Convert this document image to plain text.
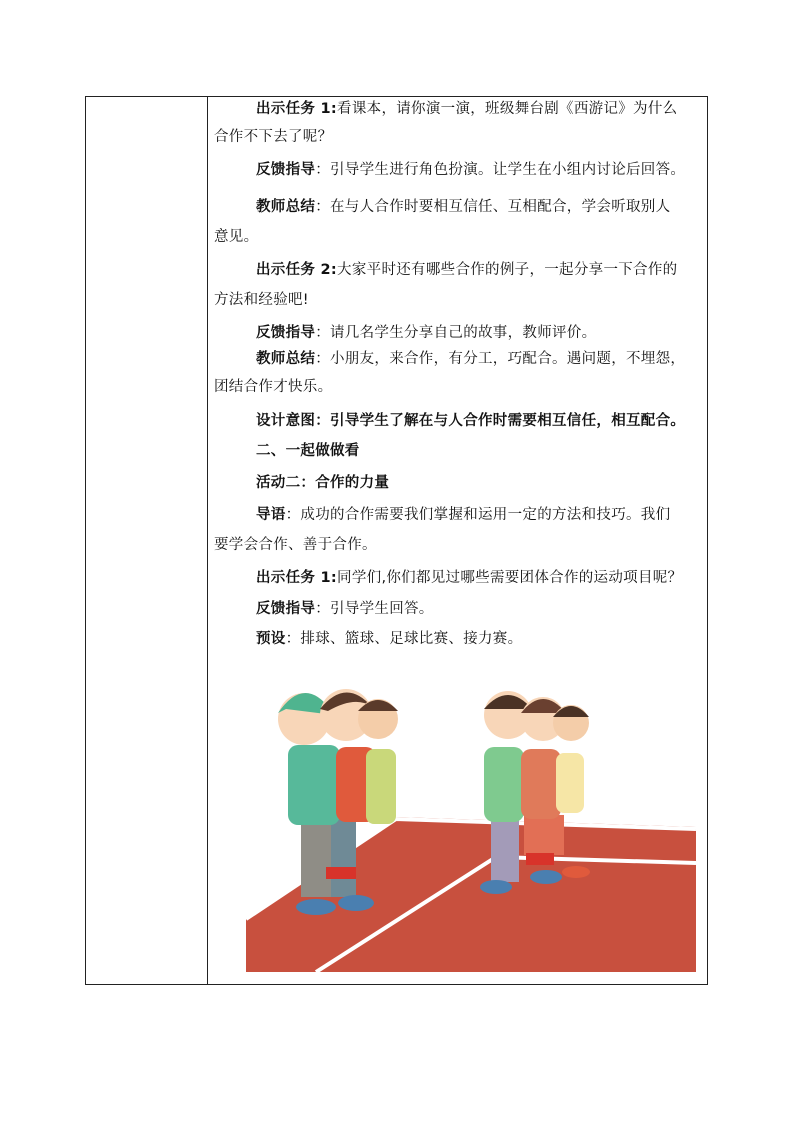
出示任务 1:看课本，请你演一演，班级舞台剧《西游记》为什么
合作不下去了呢？
反馈指导：引导学生进行角色扮演。让学生在小组内讨论后回答。
教师总结：在与人合作时要相互信任、互相配合，学会听取别人
意见。
出示任务 2:大家平时还有哪些合作的例子，一起分享一下合作的
方法和经验吧!
反馈指导：请几名学生分享自己的故事，教师评价。
教师总结：小朋友，来合作，有分工，巧配合。遇问题，不埋怨，
团结合作才快乐。
设计意图：引导学生了解在与人合作时需要相互信任，相互配合。
二、一起做做看
活动二：合作的力量
导语：成功的合作需要我们掌握和运用一定的方法和技巧。我们
要学会合作、善于合作。
出示任务 1:同学们,你们都见过哪些需要团体合作的运动项目呢？
反馈指导：引导学生回答。
预设：排球、篮球、足球比赛、接力赛。
